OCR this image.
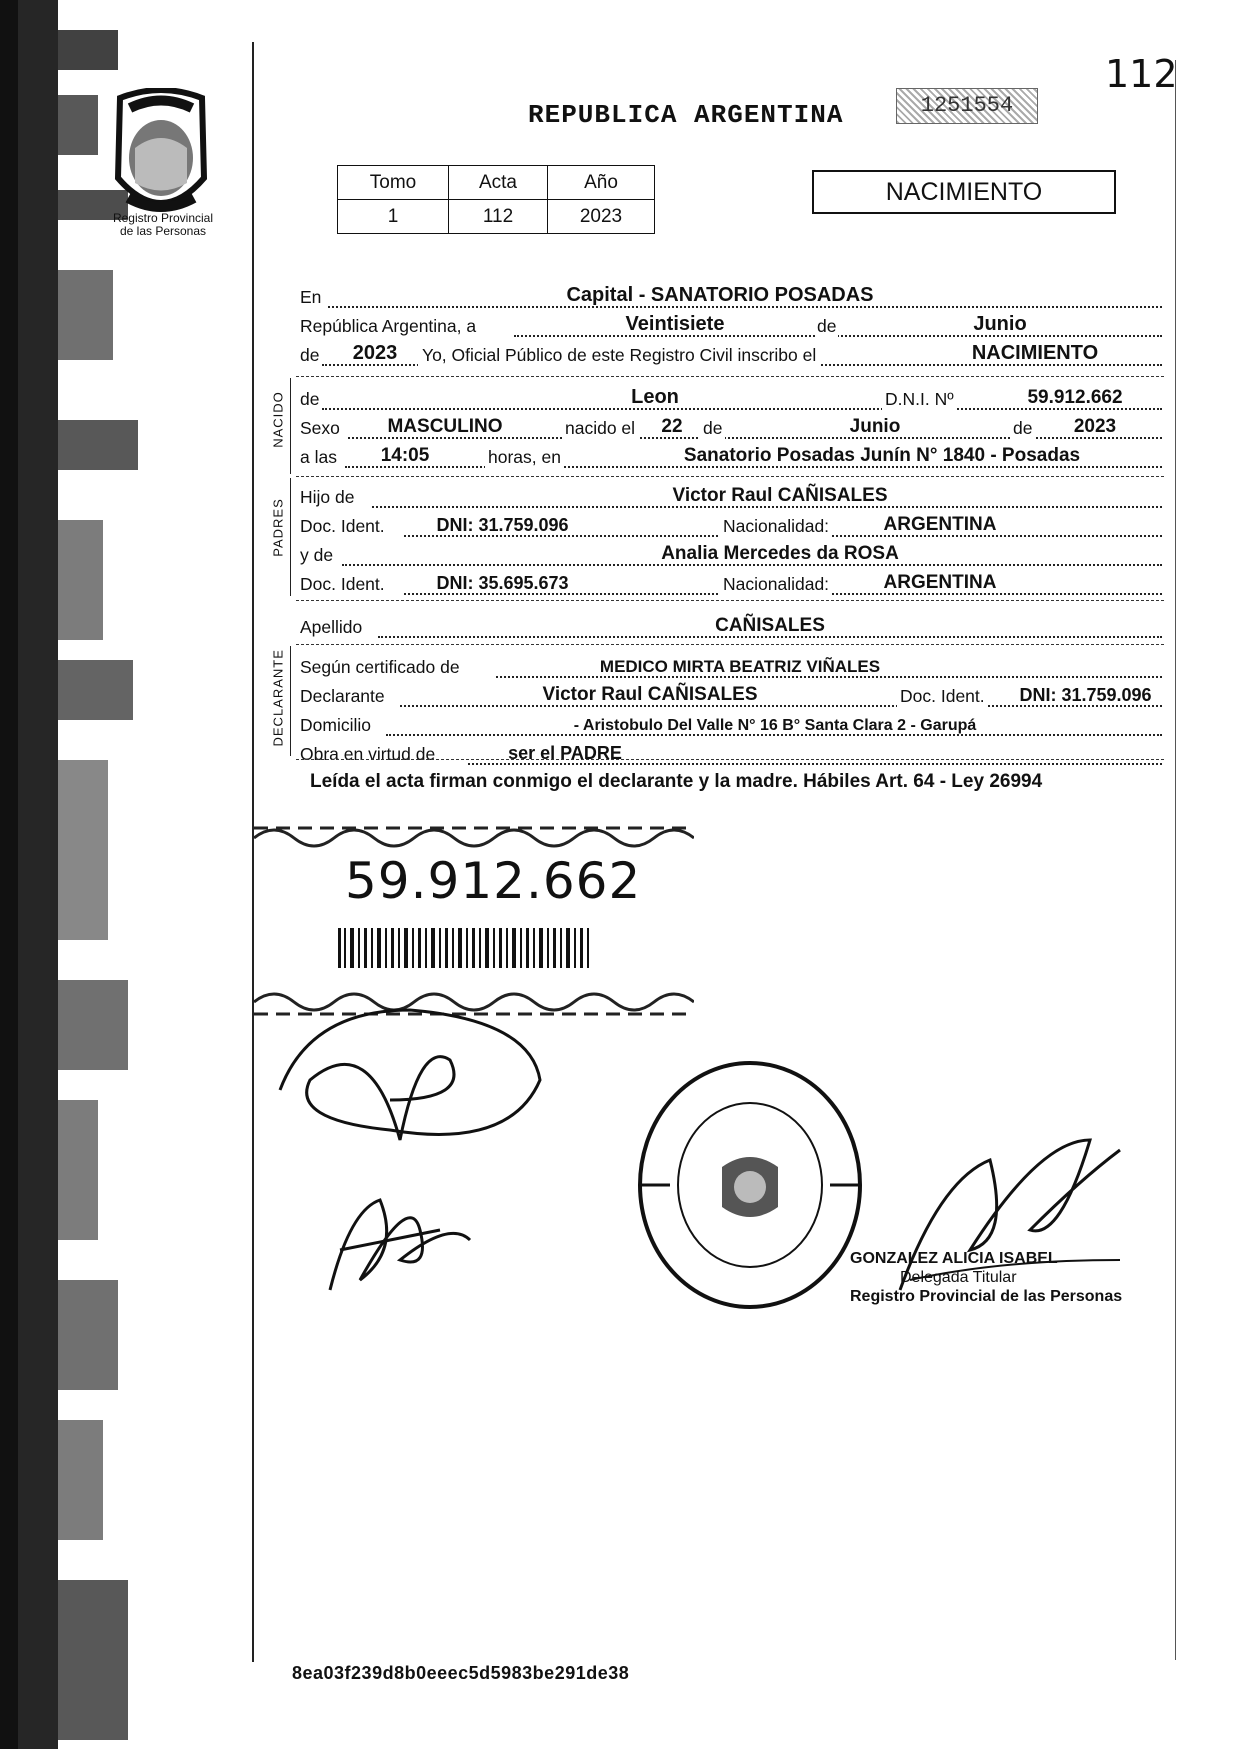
Registro Provincial
de las Personas
112
REPUBLICA ARGENTINA	1251554
Tomo	Acta	Año
1	112	2023
NACIMIENTO
En	Capital - SANATORIO POSADAS
República Argentina, a	Veintisiete	de	Junio
de	2023	Yo, Oficial Público de este Registro Civil inscribo el	NACIMIENTO
NACIDO de	Leon	D.N.I. Nº	59.912.662
Sexo	MASCULINO	nacido el	22	de	Junio	de	2023
a las	14:05	horas, en	Sanatorio Posadas Junín N° 1840 - Posadas
PADRES
Hijo de	Victor Raul CAÑISALES
Doc. Ident.	DNI: 31.759.096	Nacionalidad:	ARGENTINA
y de	Analia Mercedes da ROSA
Doc. Ident.	DNI: 35.695.673	Nacionalidad:	ARGENTINA
Apellido	CAÑISALES
DECLARANTE Según certificado de	MEDICO MIRTA BEATRIZ VIÑALES
Declarante	Victor Raul CAÑISALES	Doc. Ident.	DNI: 31.759.096
Domicilio	- Aristobulo Del Valle N° 16 B° Santa Clara 2 - Garupá
Obra en virtud de	ser el PADRE
Leída el acta firman conmigo el declarante y la madre. Hábiles Art. 64 - Ley 26994
59.912.662
GONZALEZ ALICIA ISABEL
Delegada Titular
Registro Provincial de las Personas
8ea03f239d8b0eeec5d5983be291de38
